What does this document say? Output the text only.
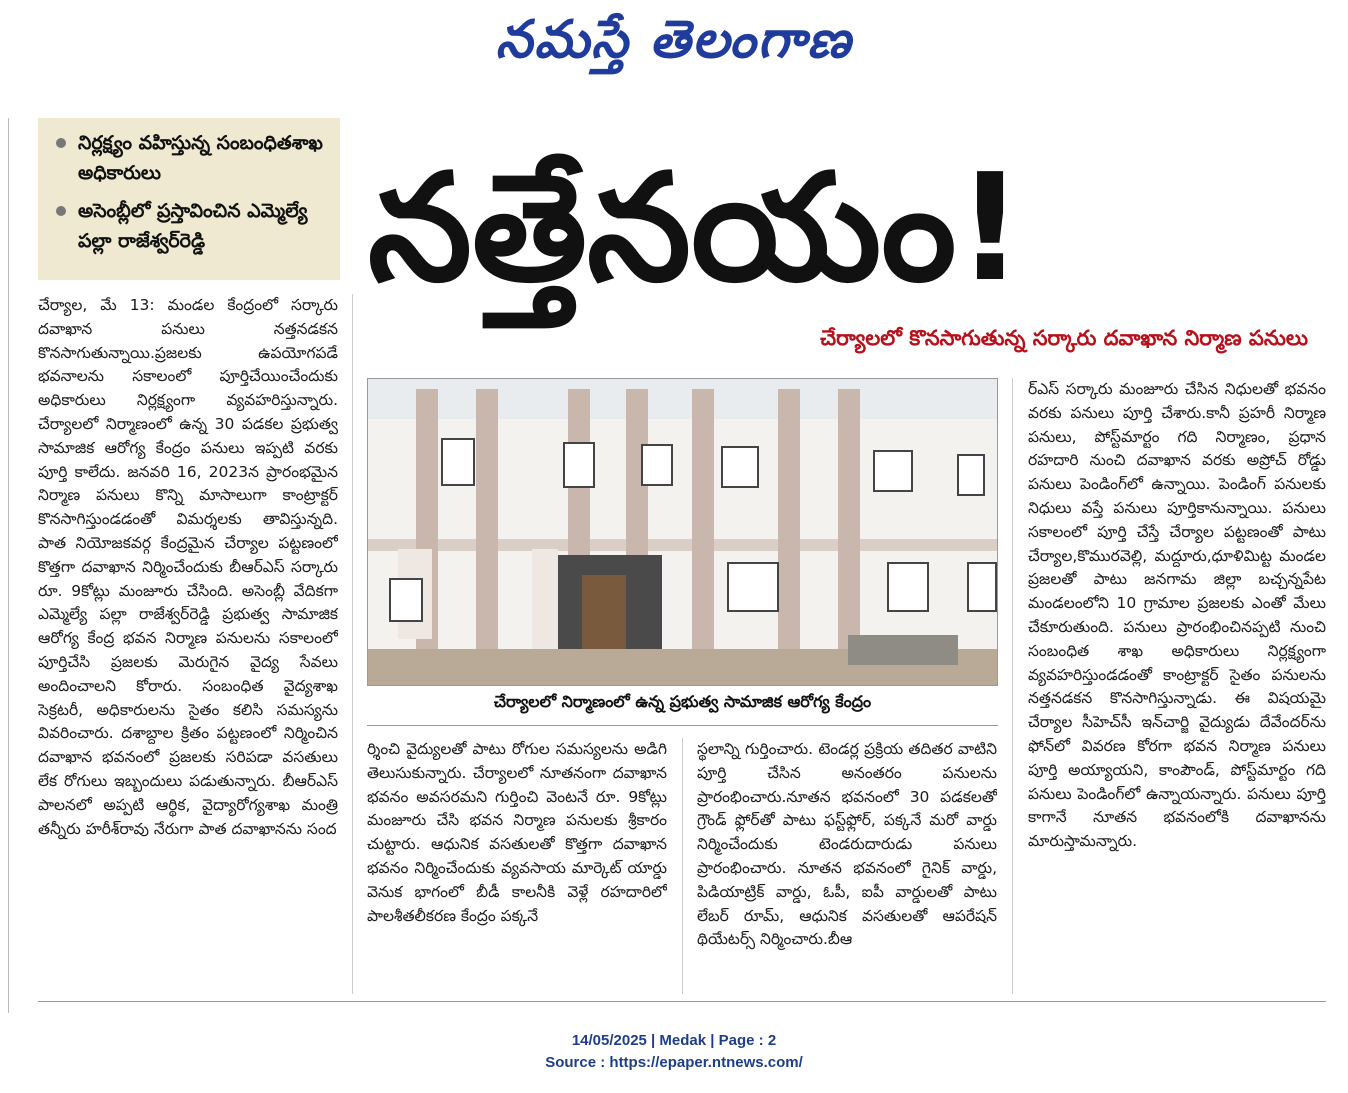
నమస్తే తెలంగాణ
నిర్లక్ష్యం వహిస్తున్న సంబంధితశాఖ అధికారులు
అసెంబ్లీలో ప్రస్తావించిన ఎమ్మెల్యే పల్లా రాజేశ్వర్‌రెడ్డి	నత్తేనయం!
చేర్యాలలో కొనసాగుతున్న సర్కారు దవాఖాన నిర్మాణ పనులు
చేర్యాలలో నిర్మాణంలో ఉన్న ప్రభుత్వ సామాజిక ఆరోగ్య కేంద్రం
చేర్యాల, మే 13: మండల కేంద్రంలో సర్కారు దవాఖాన పనులు నత్తనడకన కొనసాగుతున్నాయి.ప్రజలకు ఉపయోగపడే భవనాలను సకాలంలో పూర్తిచేయించేందుకు అధికారులు నిర్లక్ష్యంగా వ్యవహరిస్తున్నారు. చేర్యాలలో నిర్మాణంలో ఉన్న 30 పడకల ప్రభుత్వ సామాజిక ఆరోగ్య కేంద్రం పనులు ఇప్పటి వరకు పూర్తి కాలేదు. జనవరి 16, 2023న ప్రారంభమైన నిర్మాణ పనులు కొన్ని మాసాలుగా కాంట్రాక్టర్ కొనసాగిస్తుండడంతో విమర్శలకు తావిస్తున్నది. పాత నియోజకవర్గ కేంద్రమైన చేర్యాల పట్టణంలో కొత్తగా దవాఖాన నిర్మించేందుకు బీఆర్‌ఎస్ సర్కారు రూ. 9కోట్లు మంజూరు చేసింది. అసెంబ్లీ వేదికగా ఎమ్మెల్యే పల్లా రాజేశ్వర్‌రెడ్డి ప్రభుత్వ సామాజిక ఆరోగ్య కేంద్ర భవన నిర్మాణ పనులను సకాలంలో పూర్తిచేసి ప్రజలకు మెరుగైన వైద్య సేవలు అందించాలని కోరారు. సంబంధిత వైద్యశాఖ సెక్రటరీ, అధికారులను సైతం కలిసి సమస్యను వివరించారు. దశాబ్దాల క్రితం పట్టణంలో నిర్మించిన దవాఖాన భవనంలో ప్రజలకు సరిపడా వసతులు లేక రోగులు ఇబ్బందులు పడుతున్నారు. బీఆర్‌ఎస్ పాలనలో అప్పటి ఆర్థిక, వైద్యారోగ్యశాఖ మంత్రి తన్నీరు హరీశ్‌రావు నేరుగా పాత దవాఖానను సంద
ర్శించి వైద్యులతో పాటు రోగుల సమస్యలను అడిగి తెలుసుకున్నారు. చేర్యాలలో నూతనంగా దవాఖాన భవనం అవసరమని గుర్తించి వెంటనే రూ. 9కోట్లు మంజూరు చేసి భవన నిర్మాణ పనులకు శ్రీకారం చుట్టారు. ఆధునిక వసతులతో కొత్తగా దవాఖాన భవనం నిర్మించేందుకు వ్యవసాయ మార్కెట్ యార్డు వెనుక భాగంలో బీడీ కాలనీకి వెళ్లే రహదారిలో పాలశీతలీకరణ కేంద్రం పక్కనే
స్థలాన్ని గుర్తించారు. టెండర్ల ప్రక్రియ తదితర వాటిని పూర్తి చేసిన అనంతరం పనులను ప్రారంభించారు.నూతన భవనంలో 30 పడకలతో గ్రౌండ్ ఫ్లోర్‌తో పాటు ఫస్ట్‌ఫ్లోర్, పక్కనే మరో వార్డు నిర్మించేందుకు టెండరుదారుడు పనులు ప్రారంభించారు. నూతన భవనంలో గైనిక్ వార్డు, పిడియాట్రిక్ వార్డు, ఓపీ, ఐపీ వార్డులతో పాటు లేబర్ రూమ్, ఆధునిక వసతులతో ఆపరేషన్ థియేటర్స్ నిర్మించారు.బీఆ
ర్‌ఎస్ సర్కారు మంజూరు చేసిన నిధులతో భవనం వరకు పనులు పూర్తి చేశారు.కానీ ప్రహరీ నిర్మాణ పనులు, పోస్ట్‌మార్టం గది నిర్మాణం, ప్రధాన రహదారి నుంచి దవాఖాన వరకు అప్రోచ్ రోడ్డు పనులు పెండింగ్‌లో ఉన్నాయి. పెండింగ్ పనులకు నిధులు వస్తే పనులు పూర్తికానున్నాయి. పనులు సకాలంలో పూర్తి చేస్తే చేర్యాల పట్టణంతో పాటు చేర్యాల,కొమురవెల్లి, మద్దూరు,ధూళిమిట్ట మండల ప్రజలతో పాటు జనగామ జిల్లా బచ్చన్నపేట మండలంలోని 10 గ్రామాల ప్రజలకు ఎంతో మేలు చేకూరుతుంది. పనులు ప్రారంభించినప్పటి నుంచి సంబంధిత శాఖ అధికారులు నిర్లక్ష్యంగా వ్యవహరిస్తుండడంతో కాంట్రాక్టర్ సైతం పనులను నత్తనడకన కొనసాగిస్తున్నాడు. ఈ విషయమై చేర్యాల సీహెచ్‌సీ ఇన్‌చార్జి వైద్యుడు దేవేందర్‌ను ఫోన్‌లో వివరణ కోరగా భవన నిర్మాణ పనులు పూర్తి అయ్యాయని, కాంపౌండ్, పోస్ట్‌మార్టం గది పనులు పెండింగ్‌లో ఉన్నాయన్నారు. పనులు పూర్తి కాగానే నూతన భవనంలోకి దవాఖానను మారుస్తామన్నారు.
14/05/2025 | Medak | Page : 2
Source : https://epaper.ntnews.com/
